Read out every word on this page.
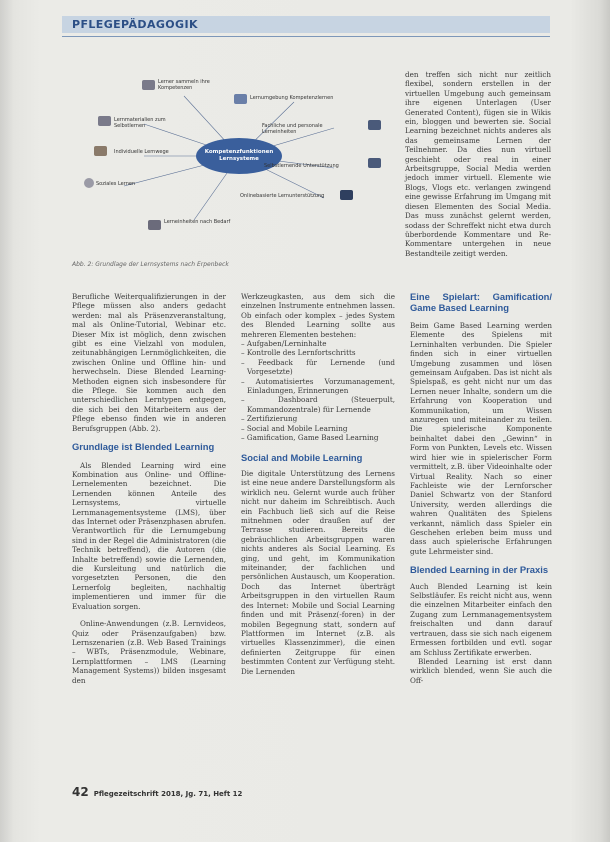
PFLEGEPÄDAGOGIK
Kompetenzfunktionen Lernsysteme
Lerner sammeln ihre Kompetenzen
Lernumgebung Kompetenzlernen
Lernmaterialien zum Selbstlernen	Fachliche und personale Lerneinheiten
Individuelle Lernwege
Selbstlernende Unterstützung
Soziales Lernen
Onlinebasierte Lernunterstützung
Lerneinheiten nach Bedarf
Abb. 2: Grundlage der Lernsystems nach Erpenbeck

den treffen sich nicht nur zeitlich flexibel, sondern erstellen in der virtuellen Umgebung auch gemeinsam ihre eigenen Unterlagen (User Generated Content), fügen sie in Wikis ein, bloggen und bewerten sie. Social Learning bezeichnet nichts anderes als das gemeinsame Lernen der Teilnehmer. Da dies nun virtuell geschieht oder real in einer Arbeitsgruppe, Social Media werden jedoch immer virtuell. Elemente wie Blogs, Vlogs etc. verlangen zwingend eine gewisse Erfahrung im Umgang mit diesen Elementen des Social Media. Das muss zunächst gelernt werden, sodass der Schreffekt nicht etwa durch überbordende Kommentare und Re-Kommentare untergehen in neue Bestandteile zeitigt werden.

Berufliche Weiterqualifizierungen in der Pflege müssen also anders gedacht werden: mal als Präsenzveranstaltung, mal als Online-Tutorial, Webinar etc. Dieser Mix ist möglich, denn zwischen gibt es eine Vielzahl von modulen, zeitunabhängigen Lernmöglichkeiten, die zwischen Online und Offline hin- und herwechseln. Diese Blended Learning-Methoden eignen sich insbesondere für die Pflege. Sie kommen auch den unterschiedlichen Lerntypen entgegen, die sich bei den Mitarbeitern aus der Pflege ebenso finden wie in anderen Berufsgruppen (Abb. 2).

Grundlage ist Blended Learning

Als Blended Learning wird eine Kombination aus Online- und Offline-Lernelementen bezeichnet. Die Lernenden können Anteile des Lernsystems, virtuelle Lernmanagementsysteme (LMS), über das Internet oder Präsenzphasen abrufen. Verantwortlich für die Lernumgebung sind in der Regel die Administratoren (die Technik betreffend), die Autoren (die Inhalte betreffend) sowie die Lernenden, die Kursleitung und natürlich die vorgesetzten Personen, die den Lernerfolg begleiten, nachhaltig implementieren und immer für die Evaluation sorgen.

Online-Anwendungen (z.B. Lernvideos, Quiz oder Präsenzaufgaben) bzw. Lernszenarien (z.B. Web Based Trainings – WBTs, Präsenzmodule, Webinare, Lernplattformen – LMS (Learning Management Systems)) bilden insgesamt den

Werkzeugkasten, aus dem sich die einzelnen Instrumente entnehmen lassen. Ob einfach oder komplex – jedes System des Blended Learning sollte aus mehreren Elementen bestehen:

– Aufgaben/Lerninhalte
– Kontrolle des Lernfortschritts
– Feedback für Lernende (und Vorgesetzte)
– Automatisiertes Vorzumanagement, Einladungen, Erinnerungen
– Dashboard (Steuerpult, Kommandozentrale) für Lernende
– Zertifizierung
– Social and Mobile Learning
– Gamification, Game Based Learning
Social and Mobile Learning

Die digitale Unterstützung des Lernens ist eine neue andere Darstellungsform als wirklich neu. Gelernt wurde auch früher nicht nur daheim im Schreibtisch. Auch ein Fachbuch ließ sich auf die Reise mitnehmen oder draußen auf der Terrasse studieren. Bereits die gebräuchlichen Arbeitsgruppen waren nichts anderes als Social Learning. Es ging, und geht, im Kommunikation miteinander, der fachlichen und persönlichen Austausch, um Kooperation. Doch das Internet überträgt Arbeitsgruppen in den virtuellen Raum des Internet: Mobile und Social Learning finden und mit Präsenz(-foren) in der mobilen Begegnung statt, sondern auf Plattformen im Internet (z.B. als virtuelles Klassenzimmer), die einen definierten Zeitgruppe für einen bestimmten Content zur Verfügung steht. Die Lernenden

Eine Spielart: Gamification/ Game Based Learning

Beim Game Based Learning werden Elemente des Spielens mit Lerninhalten verbunden. Die Spieler finden sich in einer virtuellen Umgebung zusammen und lösen gemeinsam Aufgaben. Das ist nicht als Spielspaß, es geht nicht nur um das Lernen neuer Inhalte, sondern um die Erfahrung von Kooperation und Kommunikation, um Wissen anzuregen und miteinander zu teilen. Die spielerische Komponente beinhaltet dabei den „Gewinn“ in Form von Punkten, Levels etc. Wissen wird hier wie in spielerischer Form vermittelt, z.B. über Videoinhalte oder Virtual Reality. Nach so einer Fachleiste wie der Lernforscher Daniel Schwartz von der Stanford University, werden allerdings die wahren Qualitäten des Spielens verkannt, nämlich dass Spieler ein Geschehen erleben beim muss und dass auch spielerische Erfahrungen gute Lehrmeister sind.

Blended Learning in der Praxis

Auch Blended Learning ist kein Selbstläufer. Es reicht nicht aus, wenn die einzelnen Mitarbeiter einfach den Zugang zum Lernmanagementsystem freischalten und dann darauf vertrauen, dass sie sich nach eigenem Ermessen fortbilden und evtl. sogar am Schluss Zertifikate erwerben.

Blended Learning ist erst dann wirklich blended, wenn Sie auch die Off-

42 Pflegezeitschrift 2018, Jg. 71, Heft 12
